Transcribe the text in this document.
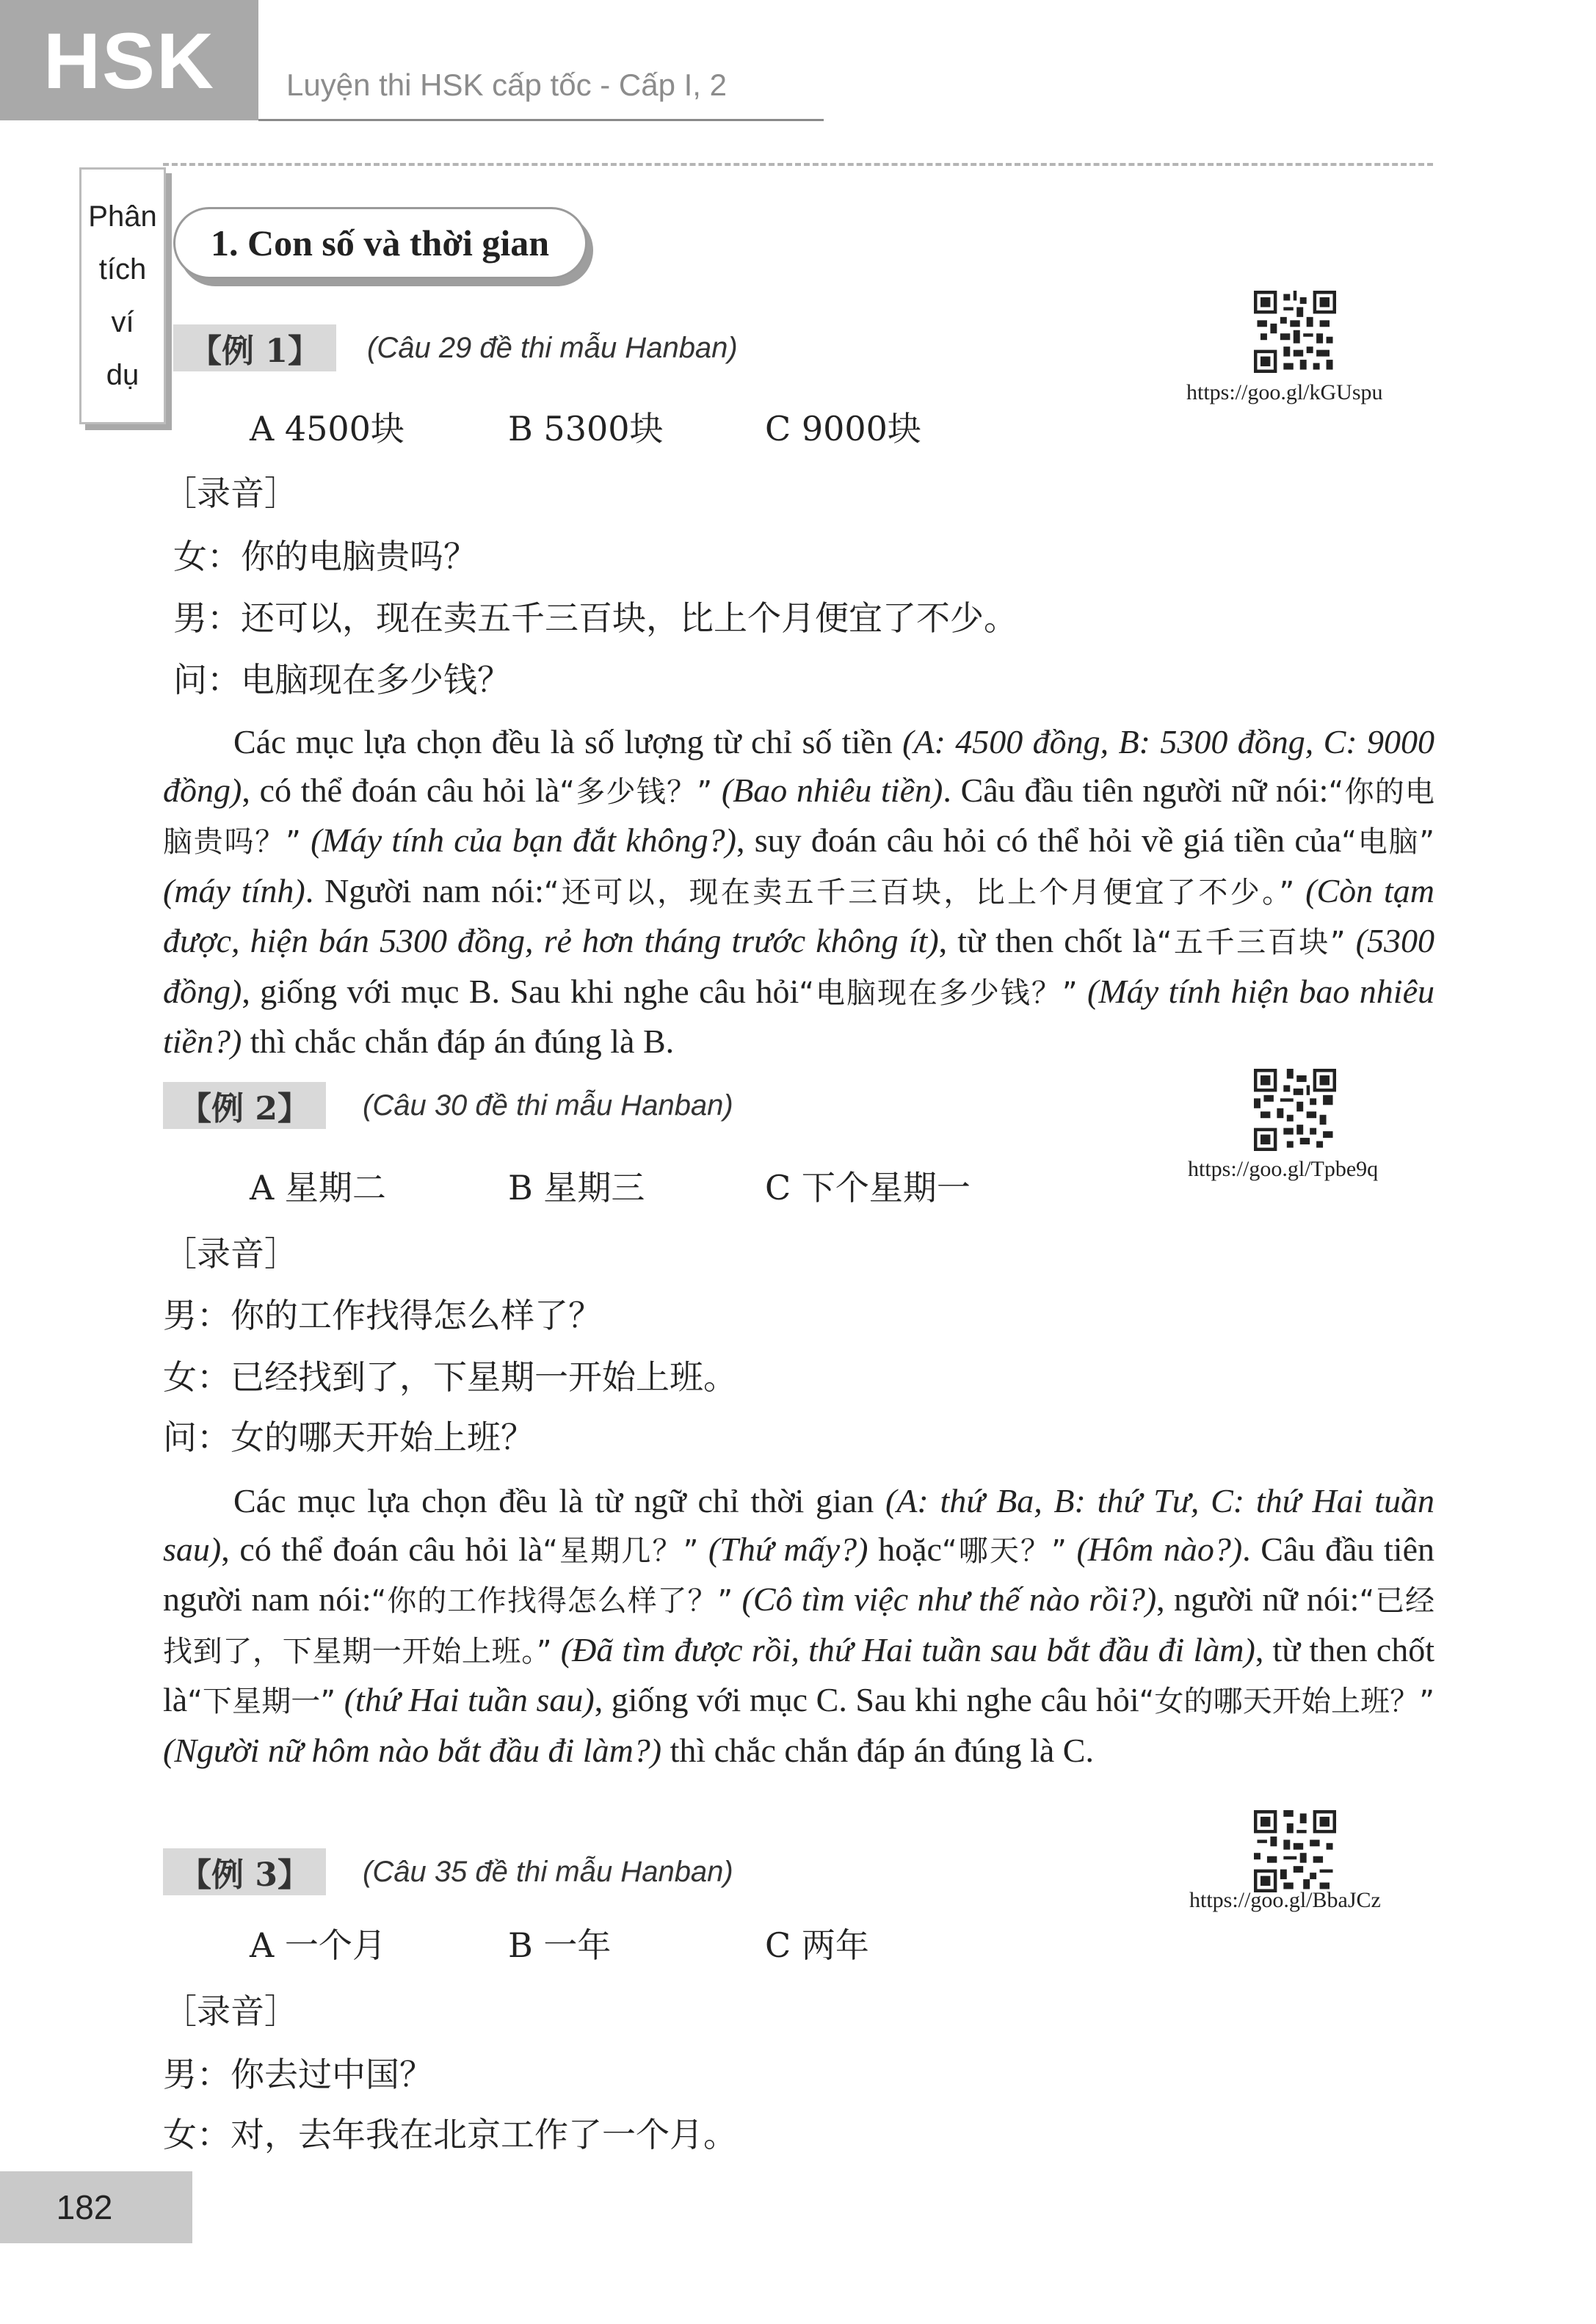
HSK	Luyện thi HSK cấp tốc - Cấp I, 2
Phân
tích
ví
dụ
1. Con số và thời gian
【例 1】	(Câu 29 đề thi mẫu Hanban)
https://goo.gl/kGUspu
A 4500块	B 5300块	C 9000块
［录音］
女：你的电脑贵吗？
男：还可以，现在卖五千三百块，比上个月便宜了不少。
问：电脑现在多少钱？
Các mục lựa chọn đều là số lượng từ chỉ số tiền (A: 4500 đồng, B: 5300 đồng, C: 9000 đồng), có thể đoán câu hỏi là“多少钱？” (Bao nhiêu tiền). Câu đầu tiên người nữ nói:“你的电脑贵吗？” (Máy tính của bạn đắt không?), suy đoán câu hỏi có thể hỏi về giá tiền của“电脑” (máy tính). Người nam nói:“还可以，现在卖五千三百块，比上个月便宜了不少。” (Còn tạm được, hiện bán 5300 đồng, rẻ hơn tháng trước không ít), từ then chốt là“五千三百块” (5300 đồng), giống với mục B. Sau khi nghe câu hỏi“电脑现在多少钱？” (Máy tính hiện bao nhiêu tiền?) thì chắc chắn đáp án đúng là B.
【例 2】	(Câu 30 đề thi mẫu Hanban)
https://goo.gl/Tpbe9q
A 星期二	B 星期三	C 下个星期一
［录音］
男：你的工作找得怎么样了？
女：已经找到了，下星期一开始上班。
问：女的哪天开始上班？
Các mục lựa chọn đều là từ ngữ chỉ thời gian (A: thứ Ba, B: thứ Tư, C: thứ Hai tuần sau), có thể đoán câu hỏi là“星期几？” (Thứ mấy?) hoặc“哪天？” (Hôm nào?). Câu đầu tiên người nam nói:“你的工作找得怎么样了？” (Cô tìm việc như thế nào rồi?), người nữ nói:“已经找到了，下星期一开始上班。” (Đã tìm được rồi, thứ Hai tuần sau bắt đầu đi làm), từ then chốt là“下星期一” (thứ Hai tuần sau), giống với mục C. Sau khi nghe câu hỏi“女的哪天开始上班？” (Người nữ hôm nào bắt đầu đi làm?) thì chắc chắn đáp án đúng là C.
【例 3】	(Câu 35 đề thi mẫu Hanban)
https://goo.gl/BbaJCz
A 一个月	B 一年	C 两年
［录音］
男：你去过中国？
女：对，去年我在北京工作了一个月。
182
